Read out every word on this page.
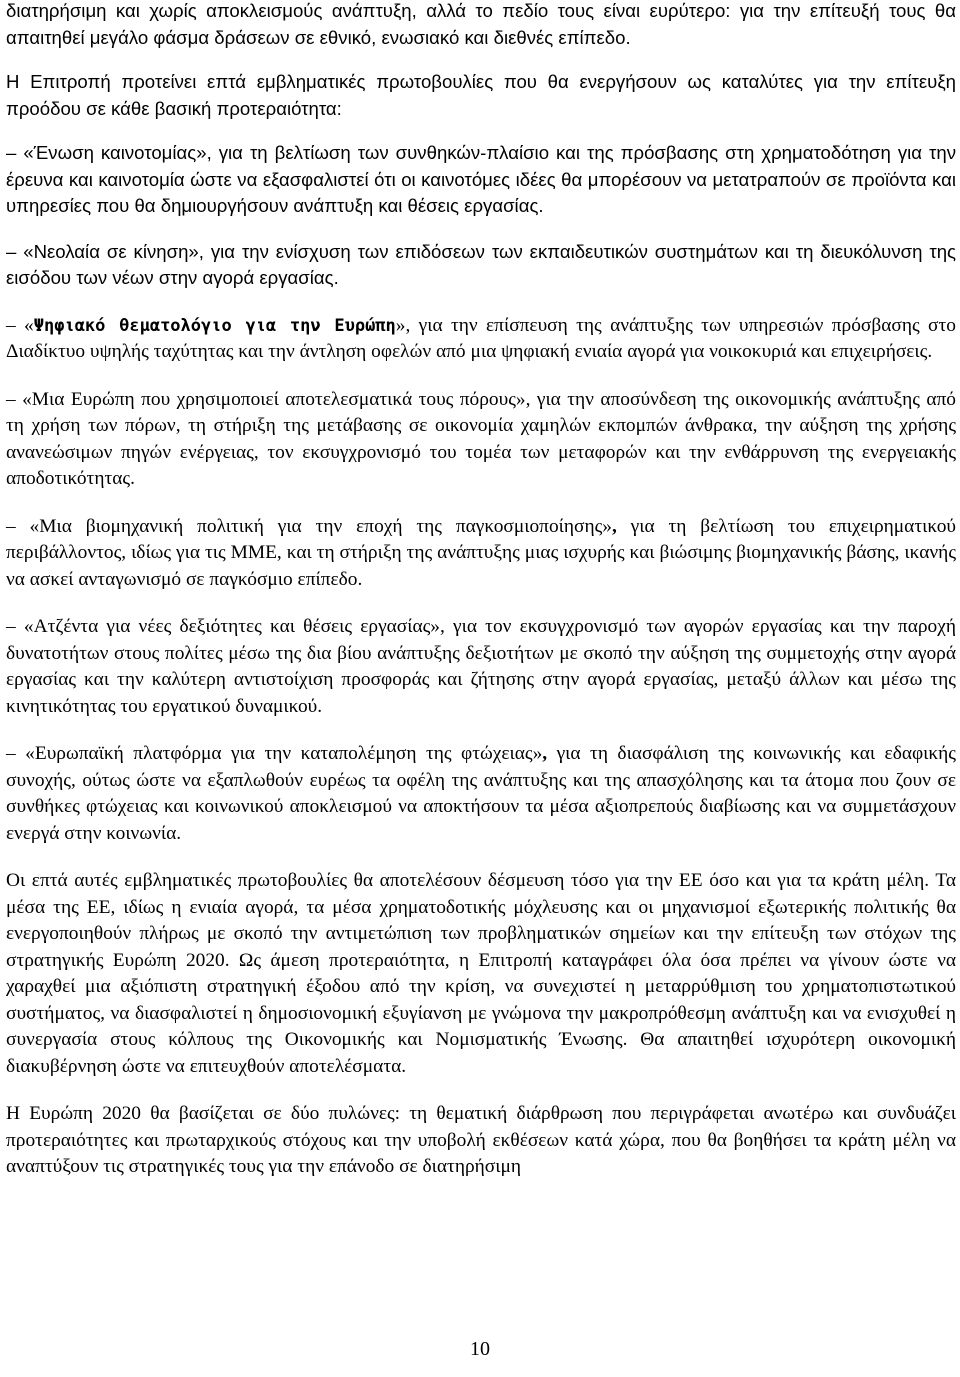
διατηρήσιμη και χωρίς αποκλεισμούς ανάπτυξη, αλλά το πεδίο τους είναι ευρύτερο: για την επίτευξή τους θα απαιτηθεί μεγάλο φάσμα δράσεων σε εθνικό, ενωσιακό και διεθνές επίπεδο.

Η Επιτροπή προτείνει επτά εμβληματικές πρωτοβουλίες που θα ενεργήσουν ως καταλύτες για την επίτευξη προόδου σε κάθε βασική προτεραιότητα:

– «Ένωση καινοτομίας», για τη βελτίωση των συνθηκών-πλαίσιο και της πρόσβασης στη χρηματοδότηση για την έρευνα και καινοτομία ώστε να εξασφαλιστεί ότι οι καινοτόμες ιδέες θα μπορέσουν να μετατραπούν σε προϊόντα και υπηρεσίες που θα δημιουργήσουν ανάπτυξη και θέσεις εργασίας.

– «Νεολαία σε κίνηση», για την ενίσχυση των επιδόσεων των εκπαιδευτικών συστημάτων και τη διευκόλυνση της εισόδου των νέων στην αγορά εργασίας.

– «Ψηφιακό θεματολόγιο για την Ευρώπη», για την επίσπευση της ανάπτυξης των υπηρεσιών πρόσβασης στο Διαδίκτυο υψηλής ταχύτητας και την άντληση οφελών από μια ψηφιακή ενιαία αγορά για νοικοκυριά και επιχειρήσεις.

– «Μια Ευρώπη που χρησιμοποιεί αποτελεσματικά τους πόρους», για την αποσύνδεση της οικονομικής ανάπτυξης από τη χρήση των πόρων, τη στήριξη της μετάβασης σε οικονομία χαμηλών εκπομπών άνθρακα, την αύξηση της χρήσης ανανεώσιμων πηγών ενέργειας, τον εκσυγχρονισμό του τομέα των μεταφορών και την ενθάρρυνση της ενεργειακής αποδοτικότητας.

– «Μια βιομηχανική πολιτική για την εποχή της παγκοσμιοποίησης», για τη βελτίωση του επιχειρηματικού περιβάλλοντος, ιδίως για τις ΜΜΕ, και τη στήριξη της ανάπτυξης μιας ισχυρής και βιώσιμης βιομηχανικής βάσης, ικανής να ασκεί ανταγωνισμό σε παγκόσμιο επίπεδο.

– «Ατζέντα για νέες δεξιότητες και θέσεις εργασίας», για τον εκσυγχρονισμό των αγορών εργασίας και την παροχή δυνατοτήτων στους πολίτες μέσω της δια βίου ανάπτυξης δεξιοτήτων με σκοπό την αύξηση της συμμετοχής στην αγορά εργασίας και την καλύτερη αντιστοίχιση προσφοράς και ζήτησης στην αγορά εργασίας, μεταξύ άλλων και μέσω της κινητικότητας του εργατικού δυναμικού.

– «Ευρωπαϊκή πλατφόρμα για την καταπολέμηση της φτώχειας», για τη διασφάλιση της κοινωνικής και εδαφικής συνοχής, ούτως ώστε να εξαπλωθούν ευρέως τα οφέλη της ανάπτυξης και της απασχόλησης και τα άτομα που ζουν σε συνθήκες φτώχειας και κοινωνικού αποκλεισμού να αποκτήσουν τα μέσα αξιοπρεπούς διαβίωσης και να συμμετάσχουν ενεργά στην κοινωνία.

Οι επτά αυτές εμβληματικές πρωτοβουλίες θα αποτελέσουν δέσμευση τόσο για την ΕΕ όσο και για τα κράτη μέλη. Τα μέσα της ΕΕ, ιδίως η ενιαία αγορά, τα μέσα χρηματοδοτικής μόχλευσης και οι μηχανισμοί εξωτερικής πολιτικής θα ενεργοποιηθούν πλήρως με σκοπό την αντιμετώπιση των προβληματικών σημείων και την επίτευξη των στόχων της στρατηγικής Ευρώπη 2020. Ως άμεση προτεραιότητα, η Επιτροπή καταγράφει όλα όσα πρέπει να γίνουν ώστε να χαραχθεί μια αξιόπιστη στρατηγική έξοδου από την κρίση, να συνεχιστεί η μεταρρύθμιση του χρηματοπιστωτικού συστήματος, να διασφαλιστεί η δημοσιονομική εξυγίανση με γνώμονα την μακροπρόθεσμη ανάπτυξη και να ενισχυθεί η συνεργασία στους κόλπους της Οικονομικής και Νομισματικής Ένωσης. Θα απαιτηθεί ισχυρότερη οικονομική διακυβέρνηση ώστε να επιτευχθούν αποτελέσματα.

Η Ευρώπη 2020 θα βασίζεται σε δύο πυλώνες: τη θεματική διάρθρωση που περιγράφεται ανωτέρω και συνδυάζει προτεραιότητες και πρωταρχικούς στόχους και την υποβολή εκθέσεων κατά χώρα, που θα βοηθήσει τα κράτη μέλη να αναπτύξουν τις στρατηγικές τους για την επάνοδο σε διατηρήσιμη

10
